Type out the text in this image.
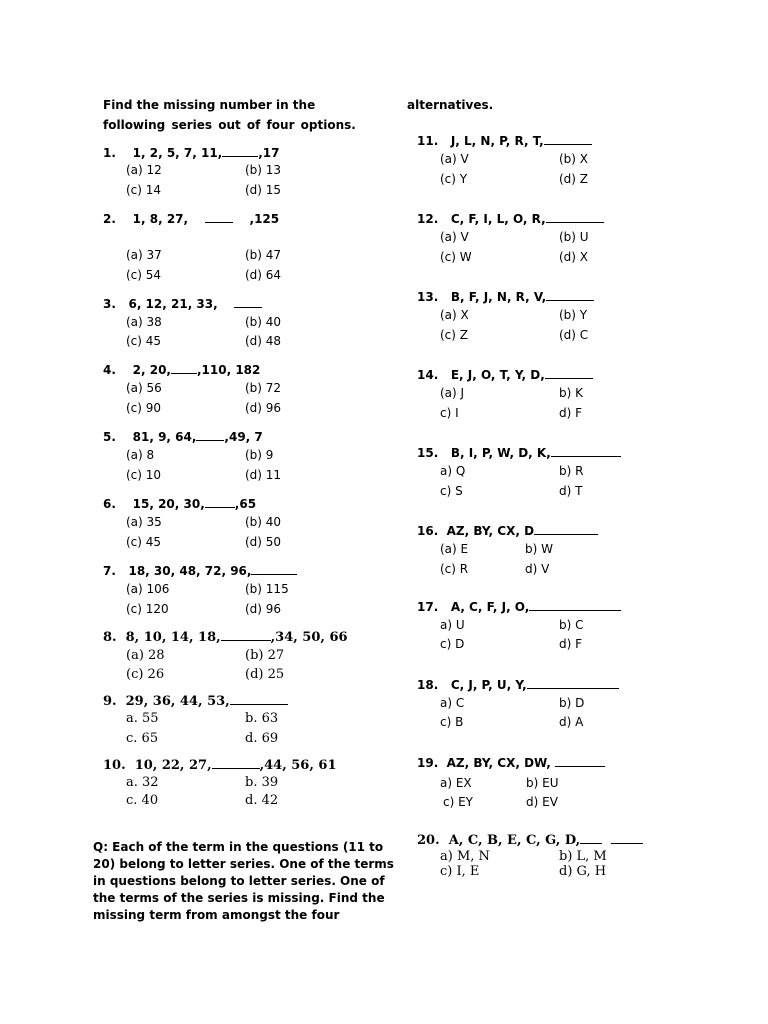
Find the missing number in the
following series out of four options.
alternatives.
1. 1, 2, 5, 7, 11,	,17
(a) 12	(b) 13
(c) 14	(d) 15
2. 1, 8, 27,	,125
(a) 37	(b) 47
(c) 54	(d) 64
3. 6, 12, 21, 33,
(a) 38	(b) 40
(c) 45	(d) 48
4. 2, 20, ,110, 182
(a) 56	(b) 72
(c) 90	(d) 96
5. 81, 9, 64, ,49, 7
(a) 8	(b) 9
(c) 10	(d) 11
6. 15, 20, 30,	,65
(a) 35	(b) 40
(c) 45	(d) 50
7. 18, 30, 48, 72, 96,
(a) 106	(b) 115
(c) 120	(d) 96
8. 8, 10, 14, 18,	,34, 50, 66
(a) 28	(b) 27
(c) 26	(d) 25
9. 29, 36, 44, 53,
a. 55	b. 63
c. 65	d. 69
10. 10, 22, 27,	,44, 56, 61
a. 32	b. 39
c. 40	d. 42
Q: Each of the term in the questions (11 to
20) belong to letter series. One of the terms
in questions belong to letter series. One of
the terms of the series is missing. Find the
missing term from amongst the four
11. J, L, N, P, R, T,
(a) V	(b) X
(c) Y	(d) Z
12. C, F, I, L, O, R,
(a) V	(b) U
(c) W	(d) X
13. B, F, J, N, R, V,
(a) X	(b) Y
(c) Z	(d) C
14. E, J, O, T, Y, D,
(a) J	b) K
c) I	d) F
15. B, I, P, W, D, K,
a) Q	b) R
c) S	d) T
16. AZ, BY, CX, D
(a) E	b) W
(c) R	d) V
17. A, C, F, J, O,
a) U	b) C
c) D	d) F
18. C, J, P, U, Y,
a) C	b) D
c) B	d) A
19. AZ, BY, CX, DW,
a) EX	b) EU
c) EY	d) EV
20. A, C, B, E, C, G, D,
a) M, N	b) L, M
c) I, E	d) G, H
